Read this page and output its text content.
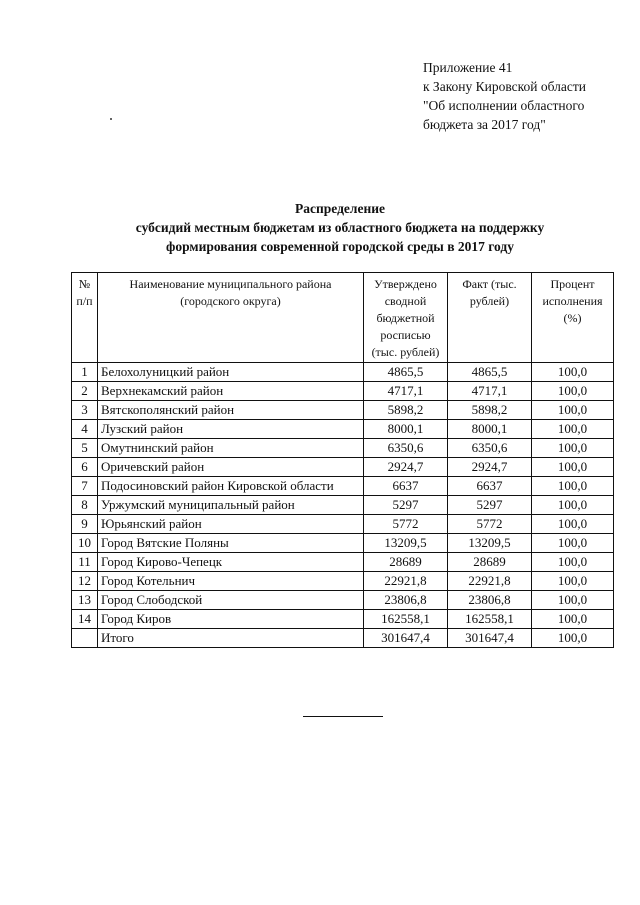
Приложение 41
к Закону Кировской области
"Об исполнении областного
бюджета за 2017 год"
Распределение
субсидий местным бюджетам из областного бюджета на поддержку
формирования современной городской среды в 2017 году
№ п/п	Наименование муниципального района (городского округа)	Утверждено сводной бюджетной росписью (тыс. рублей)	Факт (тыс. рублей)	Процент исполнения (%)
1	Белохолуницкий район	4865,5	4865,5	100,0
2	Верхнекамский район	4717,1	4717,1	100,0
3	Вятскополянский район	5898,2	5898,2	100,0
4	Лузский район	8000,1	8000,1	100,0
5	Омутнинский район	6350,6	6350,6	100,0
6	Оричевский район	2924,7	2924,7	100,0
7	Подосиновский район Кировской области	6637	6637	100,0
8	Уржумский муниципальный район	5297	5297	100,0
9	Юрьянский район	5772	5772	100,0
10	Город Вятские Поляны	13209,5	13209,5	100,0
11	Город Кирово-Чепецк	28689	28689	100,0
12	Город Котельнич	22921,8	22921,8	100,0
13	Город Слободской	23806,8	23806,8	100,0
14	Город Киров	162558,1	162558,1	100,0
	Итого	301647,4	301647,4	100,0
